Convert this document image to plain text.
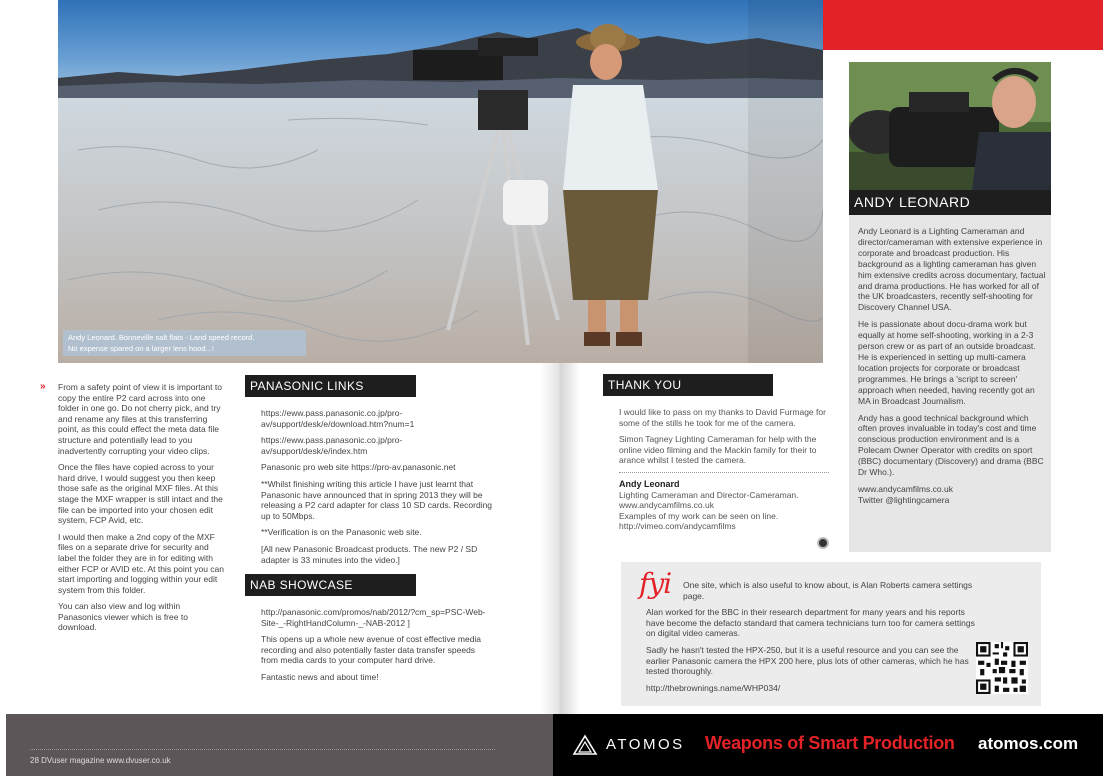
Andy Leonard. Bonneville salt flats - Land speed record.
No expense spared on a larger lens hood...!
» From a safety point of view it is important to copy the entire P2 card across into one folder in one go. Do not cherry pick, and try and rename any files at this transferring point, as this could effect the meta data file structure and potentially lead to you inadvertently corrupting your video clips.

Once the files have copied across to your hard drive, I would suggest you then keep those safe as the original MXF files. At this stage the MXF wrapper is still intact and the file can be imported into your chosen edit system, FCP Avid, etc.

I would then make a 2nd copy of the MXF files on a separate drive for security and label the folder they are in for editing with either FCP or AVID etc. At this point you can start importing and logging within your edit system from this folder.

You can also view and log within Panasonics viewer which is free to download.

PANASONIC LINKS

https://eww.pass.panasonic.co.jp/pro-av/support/desk/e/download.htm?num=1

https://eww.pass.panasonic.co.jp/pro-av/support/desk/e/index.htm

Panasonic pro web site https://pro-av.panasonic.net

**Whilst finishing writing this article I have just learnt that Panasonic have announced that in spring 2013 they will be releasing a P2 card adapter for class 10 SD cards. Recording up to 50Mbps.

**Verification is on the Panasonic web site.

[All new Panasonic Broadcast products. The new P2 / SD adapter is 33 minutes into the video.]

NAB SHOWCASE

http://panasonic.com/promos/nab/2012/?cm_sp=PSC-Web-Site-_-RightHandColumn-_-NAB-2012 ]

This opens up a whole new avenue of cost effective media recording and also potentially faster data transfer speeds from media cards to your computer hard drive.

Fantastic news and about time!

THANK YOU

I would like to pass on my thanks to David Furmage for some of the stills he took for me of the camera.

Simon Tagney Lighting Cameraman for help with the online video filming and the Mackin family for their to arance whilst I tested the camera.

Andy Leonard
Lighting Cameraman and Director-Cameraman.
www.andycamfilms.co.uk
Examples of my work can be seen on line.
http://vimeo.com/andycamfilms
ANDY LEONARD

Andy Leonard is a Lighting Cameraman and director/cameraman with extensive experience in corporate and broadcast production. His background as a lighting cameraman has given him extensive credits across documentary, factual and drama productions. He has worked for all of the UK broadcasters, recently self-shooting for Discovery Channel USA.

He is passionate about docu-drama work but equally at home self-shooting, working in a 2-3 person crew or as part of an outside broadcast. He is experienced in setting up multi-camera location projects for corporate or broadcast programmes. He brings a 'script to screen' approach when needed, having recently got an MA in Broadcast Journalism.

Andy has a good technical background which often proves invaluable in today's cost and time conscious production environment and is a Polecam Owner Operator with credits on sport (BBC) documentary (Discovery) and drama (BBC Dr Who.).

www.andycamfilms.co.uk
Twitter @lightingcamera
fyi	One site, which is also useful to know about, is Alan Roberts camera settings page.

Alan worked for the BBC in their research department for many years and his reports have become the defacto standard that camera technicians turn too for camera settings on digital video cameras.

Sadly he hasn't tested the HPX-250, but it is a useful resource and you can see the earlier Panasonic camera the HPX 200 here, plus lots of other cameras, which he has tested thoroughly.

http://thebrownings.name/WHP034/

28 DVuser magazine www.dvuser.co.uk
ATOMOS Weapons of Smart Production atomos.com
